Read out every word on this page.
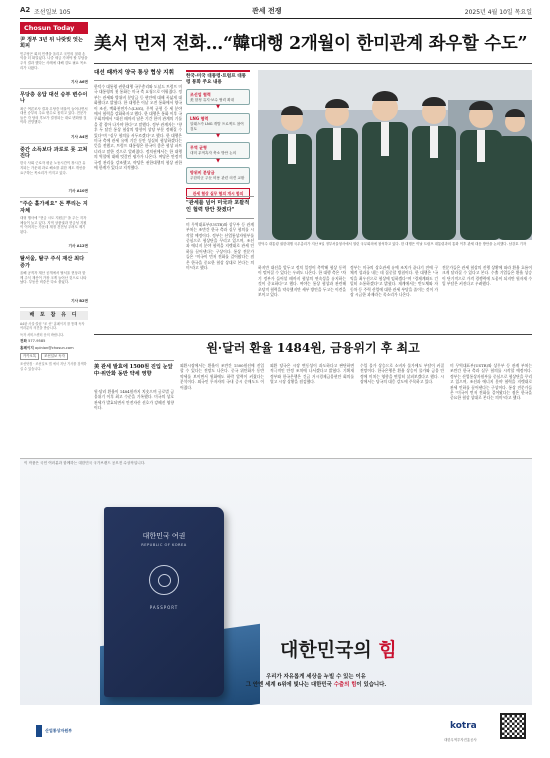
A2 조선일보 105	관세 전쟁	2025년 4월 10일 목요일
Chosun Today
尹 정부 3년 뒤 나랏빚 엇는 회피
민주당은 회의 민생을 올리고 국민의 절대 손익을 더 떠밀었다. 나중 세금 가져야 할 부담을 주식 결과 했다는 사례에 대해 검토 필요 목소리가 나왔다.
기사 A6면
무당층 응답 대선 승부 변수이나
최근 여론조사 결과 무당층 비율이 늘어나면서 대선 승부의 주요 변수로 꼽히고 있다. 전문가들은 각 당의 후보가 결정되는 대로 변화할 것이라 전망했다.
기사 A4면
중간 소득보다 과로로 못 고쳐진다
한국 사회 근로자 평균 노동시간이 장시간 유지되는 가운데 과로 해소를 위한 제도 개선을 요구하는 목소리가 커지고 있다.
기사 A10면
"주순 홀가세요" 돈 뿌리는 지자체
대형 행사에 "현금 시도 지원금" 을 주는 지자체들이 늘고 있다. 지역 상품권과 현금성 지원이 이어지는 가운데 재정 건전성 우려도 제기된다.
기사 A12면
탈서울, 탈구 주식 재산 최다 증가
올해 공직자 재산 공개에서 탈서울 현상과 함께 주식 재산이 가장 크게 늘어난 것으로 나타났다. 부동산 비중은 다소 줄었다.
기사 B2면
배 포 참 유 디
A4판 사설·칼럼 "조 선" 홈페이지 를 통해 독자 여러분의 의견을 받습니다.
독자 서비스센터 문의 바랍니다.
전화 577-9585
홈페이지 opinion@chosun.com
카카오톡 조선일보 독자
조선닷컴 · 조선일보 앱 에서 지난 기사를 검색하실 수 있습니다.
美서 먼저 전화…“韓대행 2개월이 한미관계 좌우할 수도”
대선 때까지 양국 통상 협상 지휘
한덕수 대통령 권한대행 국무총리와 도널드 트럼프 미국 대통령의 첫 통화는 미국 측 요청으로 이뤄졌다. 정부는 관세와 방위비 분담금 등 현안에 대해 폭넓게 대화했다고 밝혔다. 한 대행은 이날 오전 통화에서 양국이 조선, 액화천연가스(LNG), 무역 균형 등 세 분야에서 협력을 강화하자고 했다. 한 대행은 통화 이후 국무회의에서 "대선 때까지 남은 기간 한미 관계의 기틀을 잘 잡아 나가야 한다"고 말했다. 정부 관계자는 "향후 두 달간 통상 협상의 방향이 상당 부분 정해질 수 있다"며 "실무 협의를 서두르겠다"고 했다. 한 대행은 미국 측에 관세 유예 기간 동안 성실히 협상하겠다는 뜻을 전했고, 트럼프 대통령은 한국이 좋은 협상 파트너라고 말한 것으로 알려졌다. 정치권에서는 한 대행의 역할에 대해 엇갈린 평가가 나온다. 여당은 안정적 국정 관리를 강조했고, 야당은 권한대행의 협상 권한에 한계가 있다고 지적했다.
한국-미국 대통령·트럼프 대통령 통화 주요 내용
조선업 협력
美 함정 유지·보수 협력 확대
▼
LNG 협력
알래스카 LNG 개발 프로젝트 참여 검토
▼
무역 균형
대미 무역흑자 축소 방안 논의
▼
방위비 분담금
주한미군 주둔 비용 관련 의견 교환
관세 협상 실무 협의 개시 합의
"관세를 넘어 미국과 포괄적인 협력 방안 찾겠다"
미 무역대표부(USTR)와 상무부 등 관계 부처는 조만간 한국 측과 실무 협의를 시작할 예정이다. 정부는 산업통상자원부를 중심으로 협상단을 꾸리고 있으며, 조선과 에너지 분야 협력을 지렛대로 관세 인하를 끌어낸다는 구상이다. 통상 전문가들은 "미국이 먼저 전화를 걸어왔다는 점은 한국을 중요한 협상 상대로 본다는 의미"라고 했다.
한덕수 대통령 권한대행 국무총리가 지난 9일 정부서울청사에서 열린 국무회의에 참석하고 있다. 한 대행은 이날 트럼프 대통령과의 통화 이후 관세 대응 방안을 논의했다. 남강호 기자
하지만 대선을 앞두고 정치 일정이 촉박해 협상 동력이 떨어질 수 있다는 우려도 나온다. 한 대행 측은 "차기 정부가 들어설 때까지 협상의 연속성을 유지하는 것이 중요하다"고 했다. 여야는 통상 협상과 관련해 초당적 협력을 약속했지만 세부 방안을 두고는 이견을 보이고 있다.
정부는 미국의 상호관세 유예 조치가 끝나기 전에 구체적 성과를 내는 데 집중할 방침이다. 한 대행은 "국익을 최우선으로 협상에 임하겠다"며 "경제계와도 긴밀히 소통하겠다"고 밝혔다. 재계에서는 반도체와 자동차 등 주력 산업에 대한 관세 부담을 줄이는 것이 가장 시급한 과제라는 목소리가 나온다.
전문가들은 관세 협상의 진행 상황에 따라 환율 흐름이 크게 달라질 수 있다고 본다. 수출 기업들은 환율 상승이 단기적으로 가격 경쟁력에 도움이 되지만 원자재 수입 부담은 커진다고 우려했다.
원·달러 환율 1484원, 금융위기 후 최고
美 관세 발효에 1500원 진입 눈앞 中·위안화 동반 약세 영향
원·달러 환율이 1484원까지 치솟으며 글로벌 금융위기 이후 최고 수준을 기록했다. 미국의 상호관세가 발효되면서 안전자산 선호가 강해진 영향이다.
외환시장에서는 환율이 조만간 1500원선에 진입할 수 있다는 전망도 나온다. 중국 위안화가 동반 약세를 보이면서 원화에도 하락 압력이 커졌다는 분석이다. 외국인 투자자의 국내 증시 순매도도 이어졌다.
외환 당국은 시장 변동성이 과도하다고 판단하면 적극적인 안정 조치에 나서겠다고 밝혔다. 기획재정부와 한국은행은 긴급 거시경제금융현안 회의를 열고 시장 상황을 점검했다.
수입 물가 상승으로 소비자 물가에도 부담이 커질 전망이다. 한국은행은 환율 상승이 물가와 금융 안정에 미치는 영향을 면밀히 살펴보겠다고 했다. 시장에서는 당국의 대응 강도에 주목하고 있다.
미 무역대표부(USTR)와 상무부 등 관계 부처는 조만간 한국 측과 실무 협의를 시작할 예정이다. 정부는 산업통상자원부를 중심으로 협상단을 꾸리고 있으며, 조선과 에너지 분야 협력을 지렛대로 관세 인하를 끌어낸다는 구상이다. 통상 전문가들은 "미국이 먼저 전화를 걸어왔다는 점은 한국을 중요한 협상 상대로 본다는 의미"라고 했다.
이 작품은 국민 여러분과 함께하는 대한민국 국가브랜드 공모전 수상작입니다.
대한민국 여권
REPUBLIC OF KOREA
PASSPORT
대한민국의 힘
우리가 자유롭게 세상을 누빌 수 있는 이유
그 안엔 세계 6위에 빛나는 대한민국 수출의 힘이 있습니다.
산업통상자원부	kotra
대한무역투자진흥공사
